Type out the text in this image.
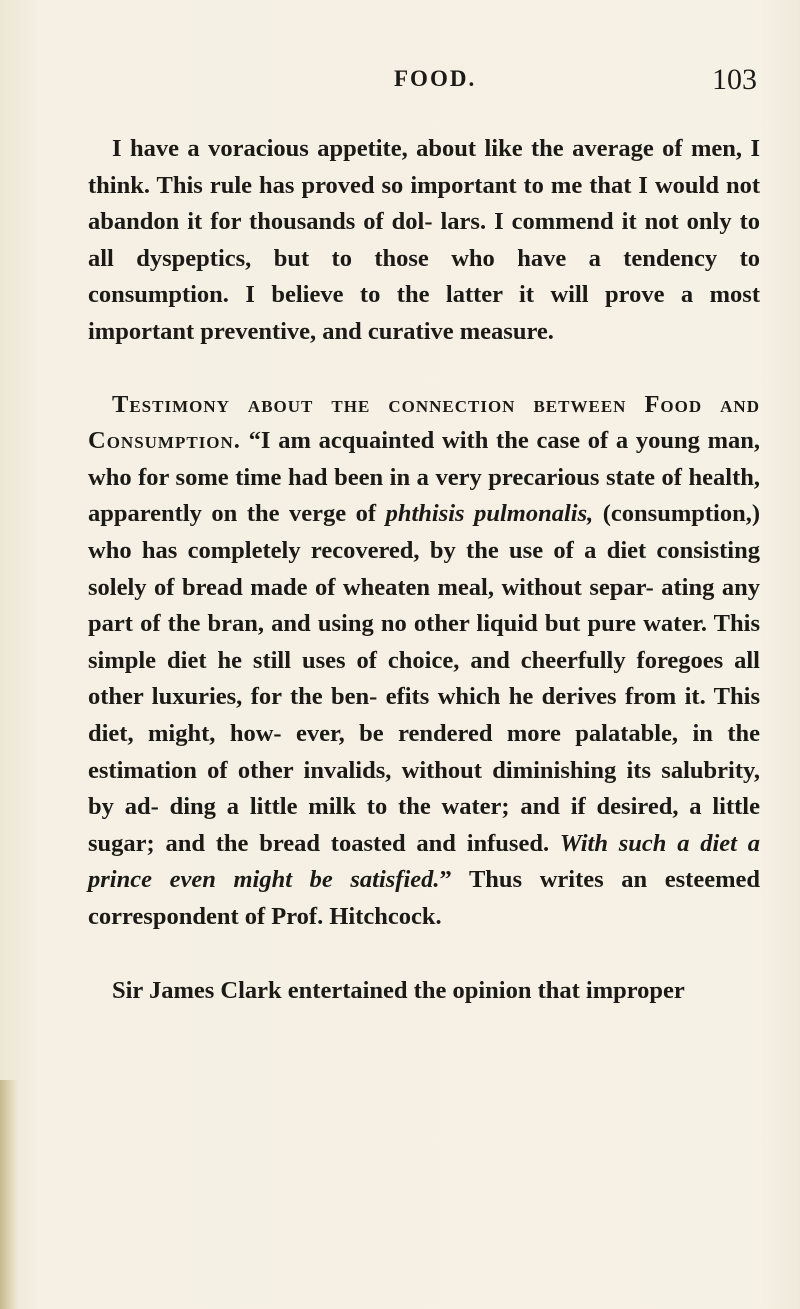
FOOD.	103

I have a voracious appetite, about like the average of men, I think. This rule has proved so important to me that I would not abandon it for thousands of dol- lars. I commend it not only to all dyspeptics, but to those who have a tendency to consumption. I believe to the latter it will prove a most important preventive, and curative measure.

Testimony about the connection between Food and Consumption. “I am acquainted with the case of a young man, who for some time had been in a very precarious state of health, apparently on the verge of phthisis pulmonalis, (consumption,) who has completely recovered, by the use of a diet consisting solely of bread made of wheaten meal, without separ- ating any part of the bran, and using no other liquid but pure water. This simple diet he still uses of choice, and cheerfully foregoes all other luxuries, for the ben- efits which he derives from it. This diet, might, how- ever, be rendered more palatable, in the estimation of other invalids, without diminishing its salubrity, by ad- ding a little milk to the water; and if desired, a little sugar; and the bread toasted and infused. With such a diet a prince even might be satisfied.” Thus writes an esteemed correspondent of Prof. Hitchcock.

Sir James Clark entertained the opinion that improper
